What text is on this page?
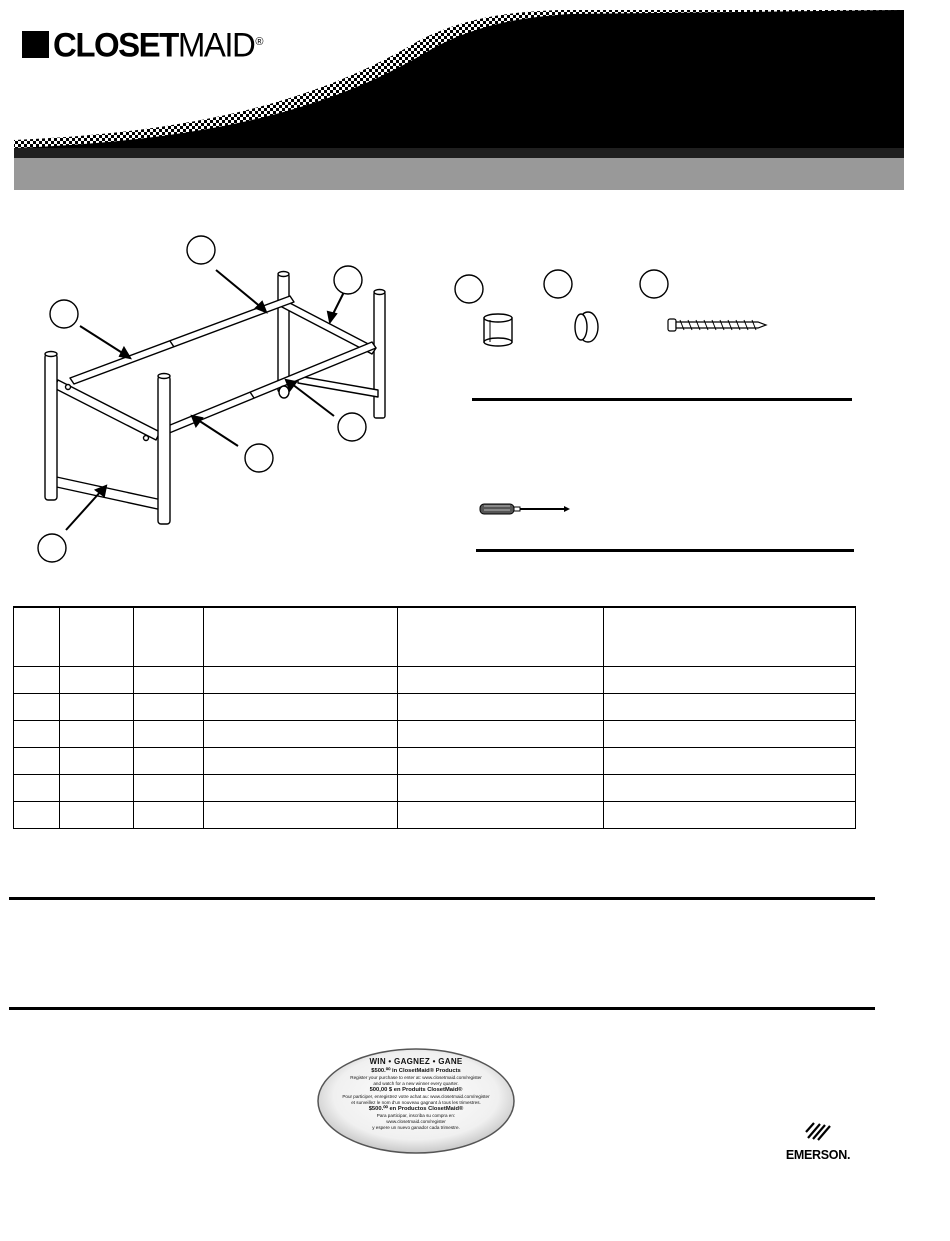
CLOSETMAID ®

WIN • GAGNEZ • GANE
$500.⁰⁰ in ClosetMaid® Products
Register your purchase to enter at: www.closetmaid.com/register
and watch for a new winner every quarter.
500,00 $ en Produits ClosetMaid®
Pour participer, enregistrez votre achat au: www.closetmaid.com/register
et surveillez le nom d'un nouveau gagnant à tous les trimestres.
$500.⁰⁰ en Productos ClosetMaid®
Para participar, inscriba su compra en:
www.closetmaid.com/register
y espere un nuevo ganador cada trimestre.
EMERSON.
